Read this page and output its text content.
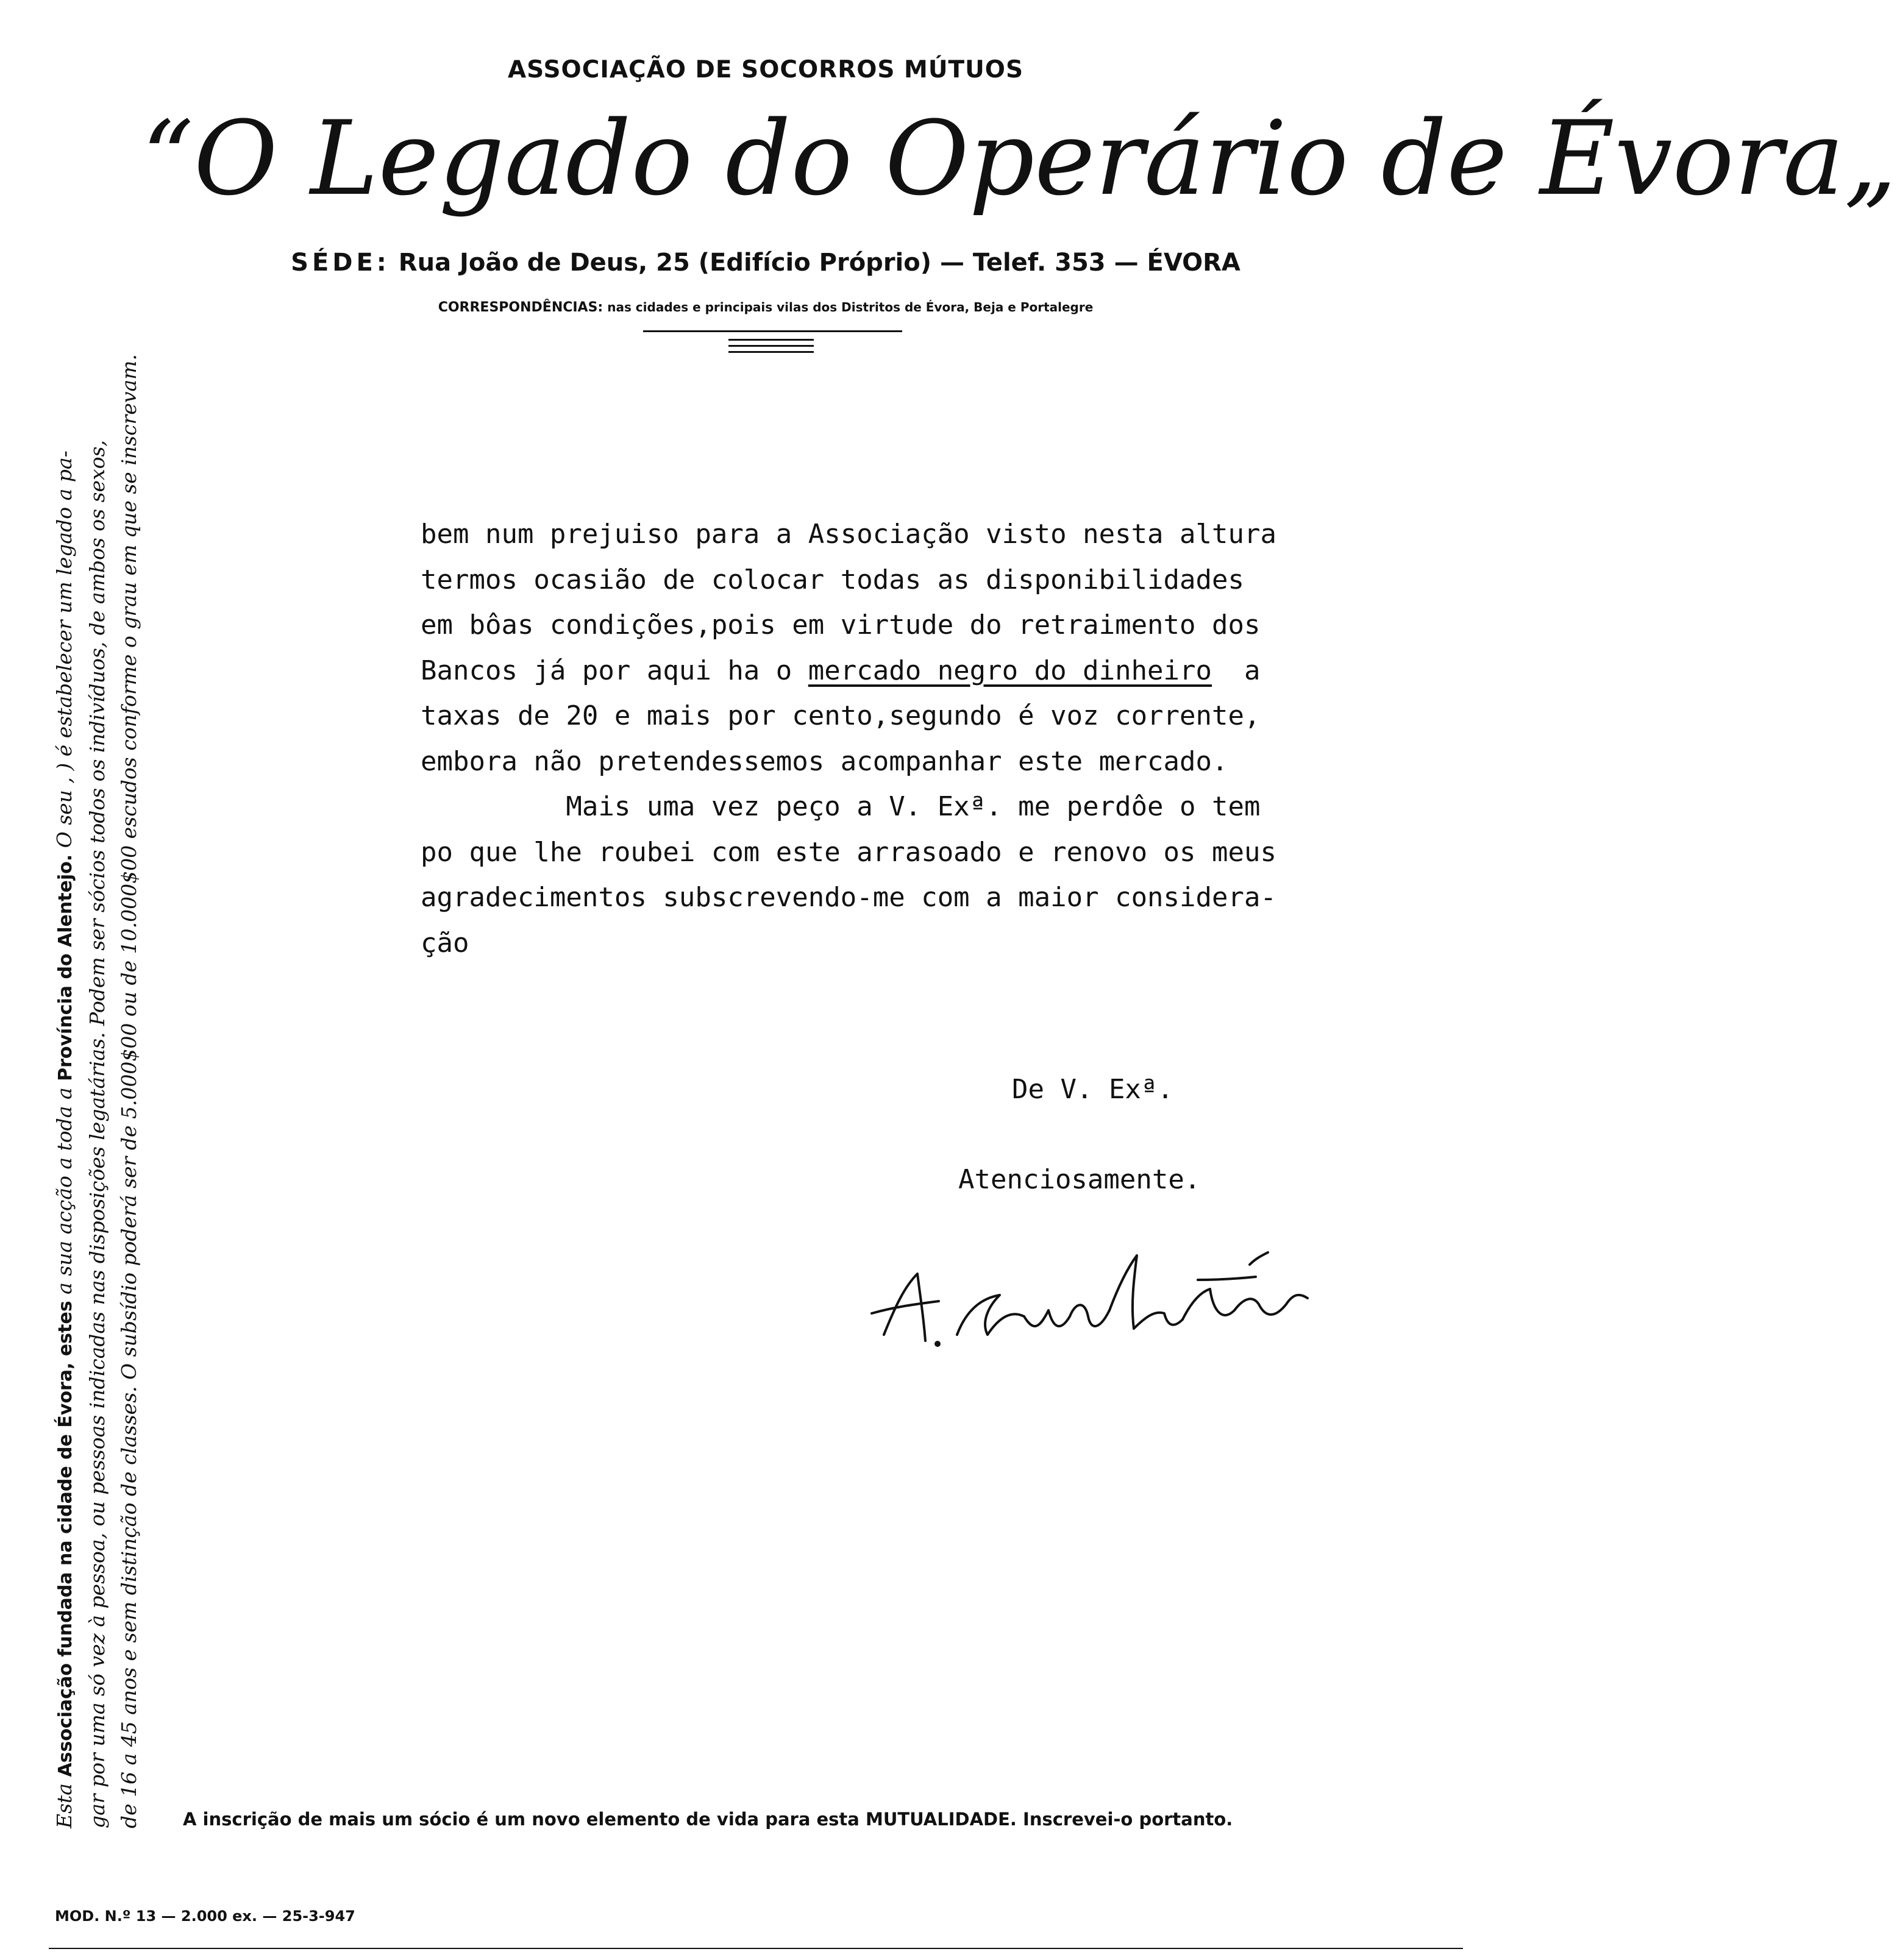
ASSOCIAÇÃO DE SOCORROS MÚTUOS
“O Legado do Operário de Évora„
SÉDE: Rua João de Deus, 25 (Edifício Próprio) — Telef. 353 — ÉVORA
CORRESPONDÊNCIAS: nas cidades e principais vilas dos Distritos de Évora, Beja e Portalegre
Esta Associação fundada na cidade de Évora, estes a sua acção a toda a Província do Alentejo. O seu , ) é estabelecer um legado a pa- gar por uma só vez à pessoa, ou pessoas indicadas nas disposições legatárias. Podem ser sócios todos os indivíduos, de ambos os sexos, de 16 a 45 anos e sem distinção de classes. O subsídio poderá ser de 5.000$00 ou de 10.000$00 escudos conforme o grau em que se inscrevam.	bem num prejuiso para a Associação visto nesta altura
termos ocasião de colocar todas as disponibilidades
em bôas condições,pois em virtude do retraimento dos
Bancos já por aqui ha o mercado negro do dinheiro  a
taxas de 20 e mais por cento,segundo é voz corrente,
embora não pretendessemos acompanhar este mercado.
Mais uma vez peço a V. Exª. me perdôe o tem
po que lhe roubei com este arrasoado e renovo os meus
agradecimentos subscrevendo-me com a maior considera-
ção
De V. Exª.
Atenciosamente.
A inscrição de mais um sócio é um novo elemento de vida para esta MUTUALIDADE. Inscrevei-o portanto.
MOD. N.º 13 — 2.000 ex. — 25-3-947
